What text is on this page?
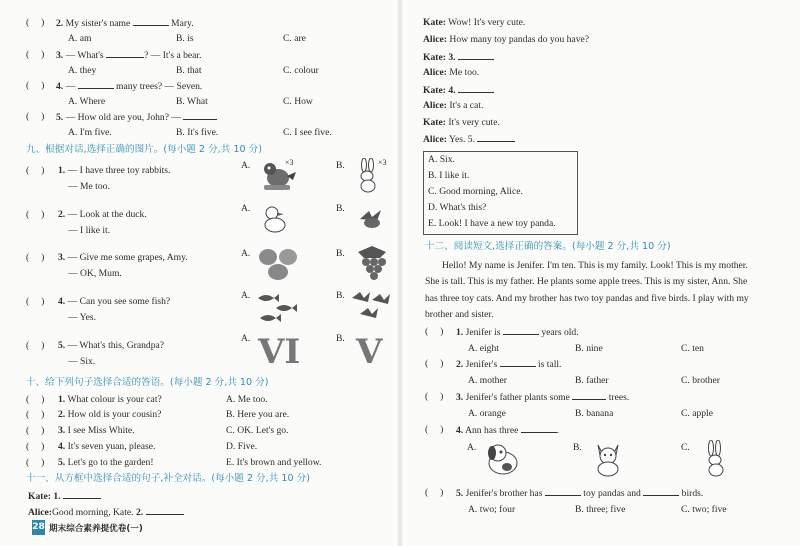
(     ) 2. My sister's name	Mary.
A. am	B. is	C. are
(     ) 3. — What's	? — It's a bear.
A. they	B. that	C. colour
(     ) 4. —	many trees? — Seven.
A. Where	B. What	C. How
(     ) 5. — How old are you, John? —
A. I'm five.	B. It's five.	C. I see five.
九、根据对话,选择正确的图片。(每小题 2 分,共 10 分)
(     ) 1. — I have three toy rabbits.
— Me too.
A.	B.
×3	×3
(     ) 2. — Look at the duck.
— I like it.
A.	B.
(     ) 3. — Give me some grapes, Amy.
— OK, Mum.
A.	B.
(     ) 4. — Can you see some fish?
— Yes.
A.	B.
(     ) 5. — What's this, Grandpa?
— Six.
A.	B.
VI V
十、给下列句子选择合适的答语。(每小题 2 分,共 10 分)
(     ) 1. What colour is your cat?	A. Me too.
(     ) 2. How old is your cousin?	B. Here you are.
(     ) 3. I see Miss White.	C. OK. Let's go.
(     ) 4. It's seven yuan, please.	D. Five.
(     ) 5. Let's go to the garden!	E. It's brown and yellow.
十一、从方框中选择合适的句子,补全对话。(每小题 2 分,共 10 分)
Kate: 1.
Alice:Good morning, Kate. 2.
28 期末综合素养提优卷(一)
Kate: Wow! It's very cute.
Alice: How many toy pandas do you have?
Kate: 3.
Alice: Me too.
Kate: 4.
Alice: It's a cat.
Kate: It's very cute.
Alice: Yes. 5.
A. Six.
B. I like it.
C. Good morning, Alice.
D. What's this?
E. Look! I have a new toy panda.
十二、阅读短文,选择正确的答案。(每小题 2 分,共 10 分)
Hello! My name is Jenifer. I'm ten. This is my family. Look! This is my mother.
She is tall. This is my father. He plants some apple trees. This is my sister, Ann. She
has three toy cats. And my brother has two toy pandas and five birds. I play with my
brother and sister.
(     ) 1. Jenifer is	years old.
A. eight	B. nine	C. ten
(     ) 2. Jenifer's	is tall.
A. mother	B. father	C. brother
(     ) 3. Jenifer's father plants some	trees.
A. orange	B. banana	C. apple
(     ) 4. Ann has three	.
A.	B.	C.
(     ) 5. Jenifer's brother has	toy pandas and	birds.
A. two; four	B. three; five	C. two; five
